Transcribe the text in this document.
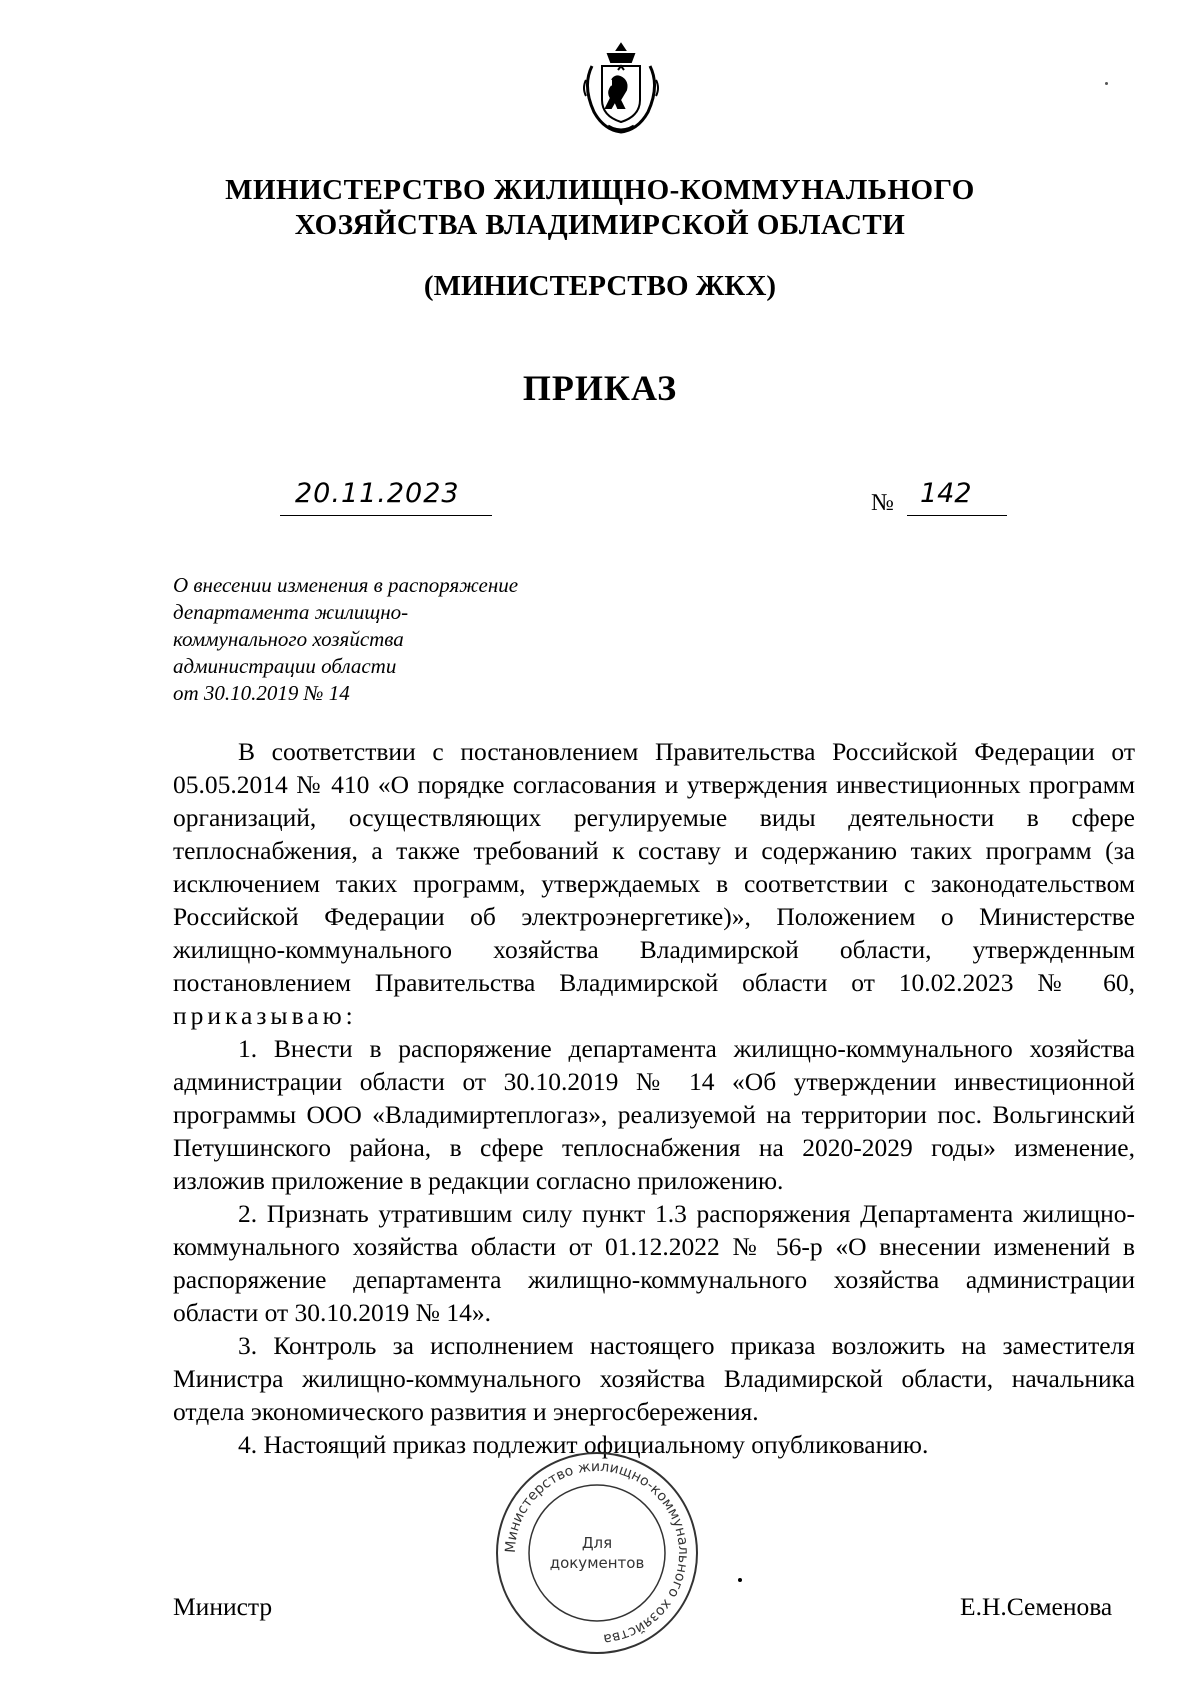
МИНИСТЕРСТВО ЖИЛИЩНО-КОММУНАЛЬНОГО
ХОЗЯЙСТВА ВЛАДИМИРСКОЙ ОБЛАСТИ
(МИНИСТЕРСТВО ЖКХ)
ПРИКАЗ
20.11.2023	№ 142
О внесении изменения в распоряжение
департамента жилищно-
коммунального хозяйства
администрации области
от 30.10.2019 № 14

В соответствии с постановлением Правительства Российской Федерации от 05.05.2014 № 410 «О порядке согласования и утверждения инвестиционных программ организаций, осуществляющих регулируемые виды деятельности в сфере теплоснабжения, а также требований к составу и содержанию таких программ (за исключением таких программ, утверждаемых в соответствии с законодательством Российской Федерации об электроэнергетике)», Положением о Министерстве жилищно-коммунального хозяйства Владимирской области, утвержденным постановлением Правительства Владимирской области от 10.02.2023 № 60, приказываю:

1. Внести в распоряжение департамента жилищно-коммунального хозяйства администрации области от 30.10.2019 № 14 «Об утверждении инвестиционной программы ООО «Владимиртеплогаз», реализуемой на территории пос. Вольгинский Петушинского района, в сфере теплоснабжения на 2020-2029 годы» изменение, изложив приложение в редакции согласно приложению.

2. Признать утратившим силу пункт 1.3 распоряжения Департамента жилищно-коммунального хозяйства области от 01.12.2022 № 56-р «О внесении изменений в распоряжение департамента жилищно-коммунального хозяйства администрации области от 30.10.2019 № 14».

3. Контроль за исполнением настоящего приказа возложить на заместителя Министра жилищно-коммунального хозяйства Владимирской области, начальника отдела экономического развития и энергосбережения.

4. Настоящий приказ подлежит официальному опубликованию.

Министерство жилищно-коммунального хозяйства
Для
документов
Министр	Е.Н.Семенова
